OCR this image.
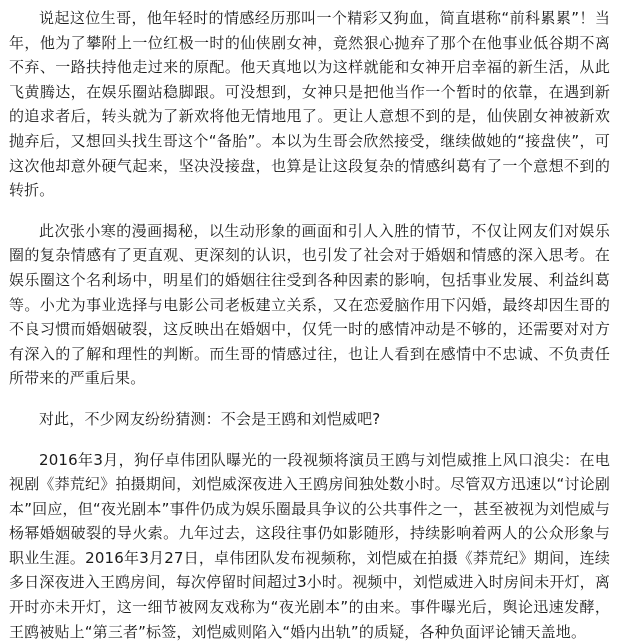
说起这位生哥，他年轻时的情感经历那叫一个精彩又狗血，简直堪称“前科累累”！当年，他为了攀附上一位红极一时的仙侠剧女神，竟然狠心抛弃了那个在他事业低谷期不离不弃、一路扶持他走过来的原配。他天真地以为这样就能和女神开启幸福的新生活，从此飞黄腾达，在娱乐圈站稳脚跟。可没想到，女神只是把他当作一个暂时的依靠，在遇到新的追求者后，转头就为了新欢将他无情地甩了。更让人意想不到的是，仙侠剧女神被新欢抛弃后，又想回头找生哥这个“备胎”。本以为生哥会欣然接受，继续做她的“接盘侠”，可这次他却意外硬气起来，坚决没接盘，也算是让这段复杂的情感纠葛有了一个意想不到的转折。

此次张小寒的漫画揭秘，以生动形象的画面和引人入胜的情节，不仅让网友们对娱乐圈的复杂情感有了更直观、更深刻的认识，也引发了社会对于婚姻和情感的深入思考。在娱乐圈这个名利场中，明星们的婚姻往往受到各种因素的影响，包括事业发展、利益纠葛等。小尤为事业选择与电影公司老板建立关系，又在恋爱脑作用下闪婚，最终却因生哥的不良习惯而婚姻破裂，这反映出在婚姻中，仅凭一时的感情冲动是不够的，还需要对对方有深入的了解和理性的判断。而生哥的情感过往，也让人看到在感情中不忠诚、不负责任所带来的严重后果。

对此，不少网友纷纷猜测：不会是王鸥和刘恺威吧?

2016年3月，狗仔卓伟团队曝光的一段视频将演员王鸥与刘恺威推上风口浪尖：在电视剧《莽荒纪》拍摄期间，刘恺威深夜进入王鸥房间独处数小时。尽管双方迅速以“讨论剧本”回应，但“夜光剧本”事件仍成为娱乐圈最具争议的公共事件之一，甚至被视为刘恺威与杨幂婚姻破裂的导火索。九年过去，这段往事仍如影随形，持续影响着两人的公众形象与职业生涯。2016年3月27日，卓伟团队发布视频称，刘恺威在拍摄《莽荒纪》期间，连续多日深夜进入王鸥房间，每次停留时间超过3小时。视频中，刘恺威进入时房间未开灯，离开时亦未开灯，这一细节被网友戏称为“夜光剧本”的由来。事件曝光后，舆论迅速发酵，王鸥被贴上“第三者”标签，刘恺威则陷入“婚内出轨”的质疑，各种负面评论铺天盖地。
